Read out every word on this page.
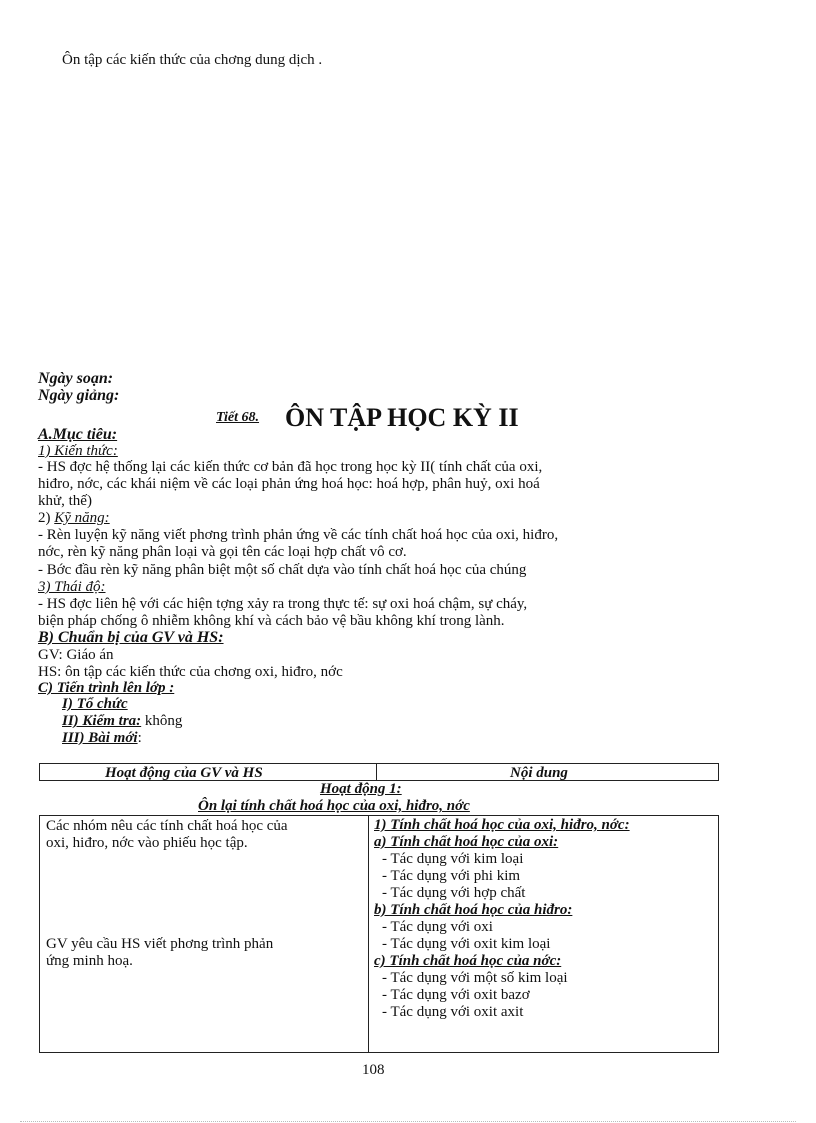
Ôn tập các kiến thức của chơng dung dịch .
Ngày soạn:
Ngày giảng:
Tiết 68. ÔN TẬP HỌC KỲ II
A.Mục tiêu:
1) Kiến thức:
- HS đợc hệ thống lại các kiến thức cơ bản đã học trong học kỳ II( tính chất của oxi,
hiđro, nớc, các khái niệm về các loại phản ứng hoá học: hoá hợp, phân huỷ, oxi hoá
khử, thế)
2) Kỹ năng:
- Rèn luyện kỹ năng viết phơng trình phản ứng về các tính chất hoá học của oxi, hiđro,
nớc, rèn kỹ năng phân loại và gọi tên các loại hợp chất vô cơ.
- Bớc đầu rèn kỹ năng phân biệt một số chất dựa vào tính chất hoá học của chúng
3) Thái độ:
- HS đợc liên hệ với các hiện tợng xảy ra trong thực tế: sự oxi hoá chậm, sự cháy,
biện pháp chống ô nhiễm không khí và cách bảo vệ bầu không khí trong lành.
B) Chuẩn bị của GV và HS:
GV: Giáo án
HS: ôn tập các kiến thức của chơng oxi, hiđro, nớc
C) Tiến trình lên lớp :
I) Tổ chức
II) Kiểm tra: không
III) Bài mới:
Hoạt động của GV và HS	Nội dung
Hoạt động 1:
Ôn lại tính chất hoá học của oxi, hiđro, nớc
Các nhóm nêu các tính chất hoá học của
oxi, hiđro, nớc vào phiếu học tập.
GV yêu cầu HS viết phơng trình phản
ứng minh hoạ.
1) Tính chất hoá học của oxi, hiđro, nớc:
a) Tính chất hoá học của oxi:
- Tác dụng với kim loại
- Tác dụng với phi kim
- Tác dụng với hợp chất
b) Tính chất hoá học của hiđro:
- Tác dụng với oxi
- Tác dụng với oxit kim loại
c) Tính chất hoá học của nớc:
- Tác dụng với một số kim loại
- Tác dụng với oxit bazơ
- Tác dụng với oxit axit
108
